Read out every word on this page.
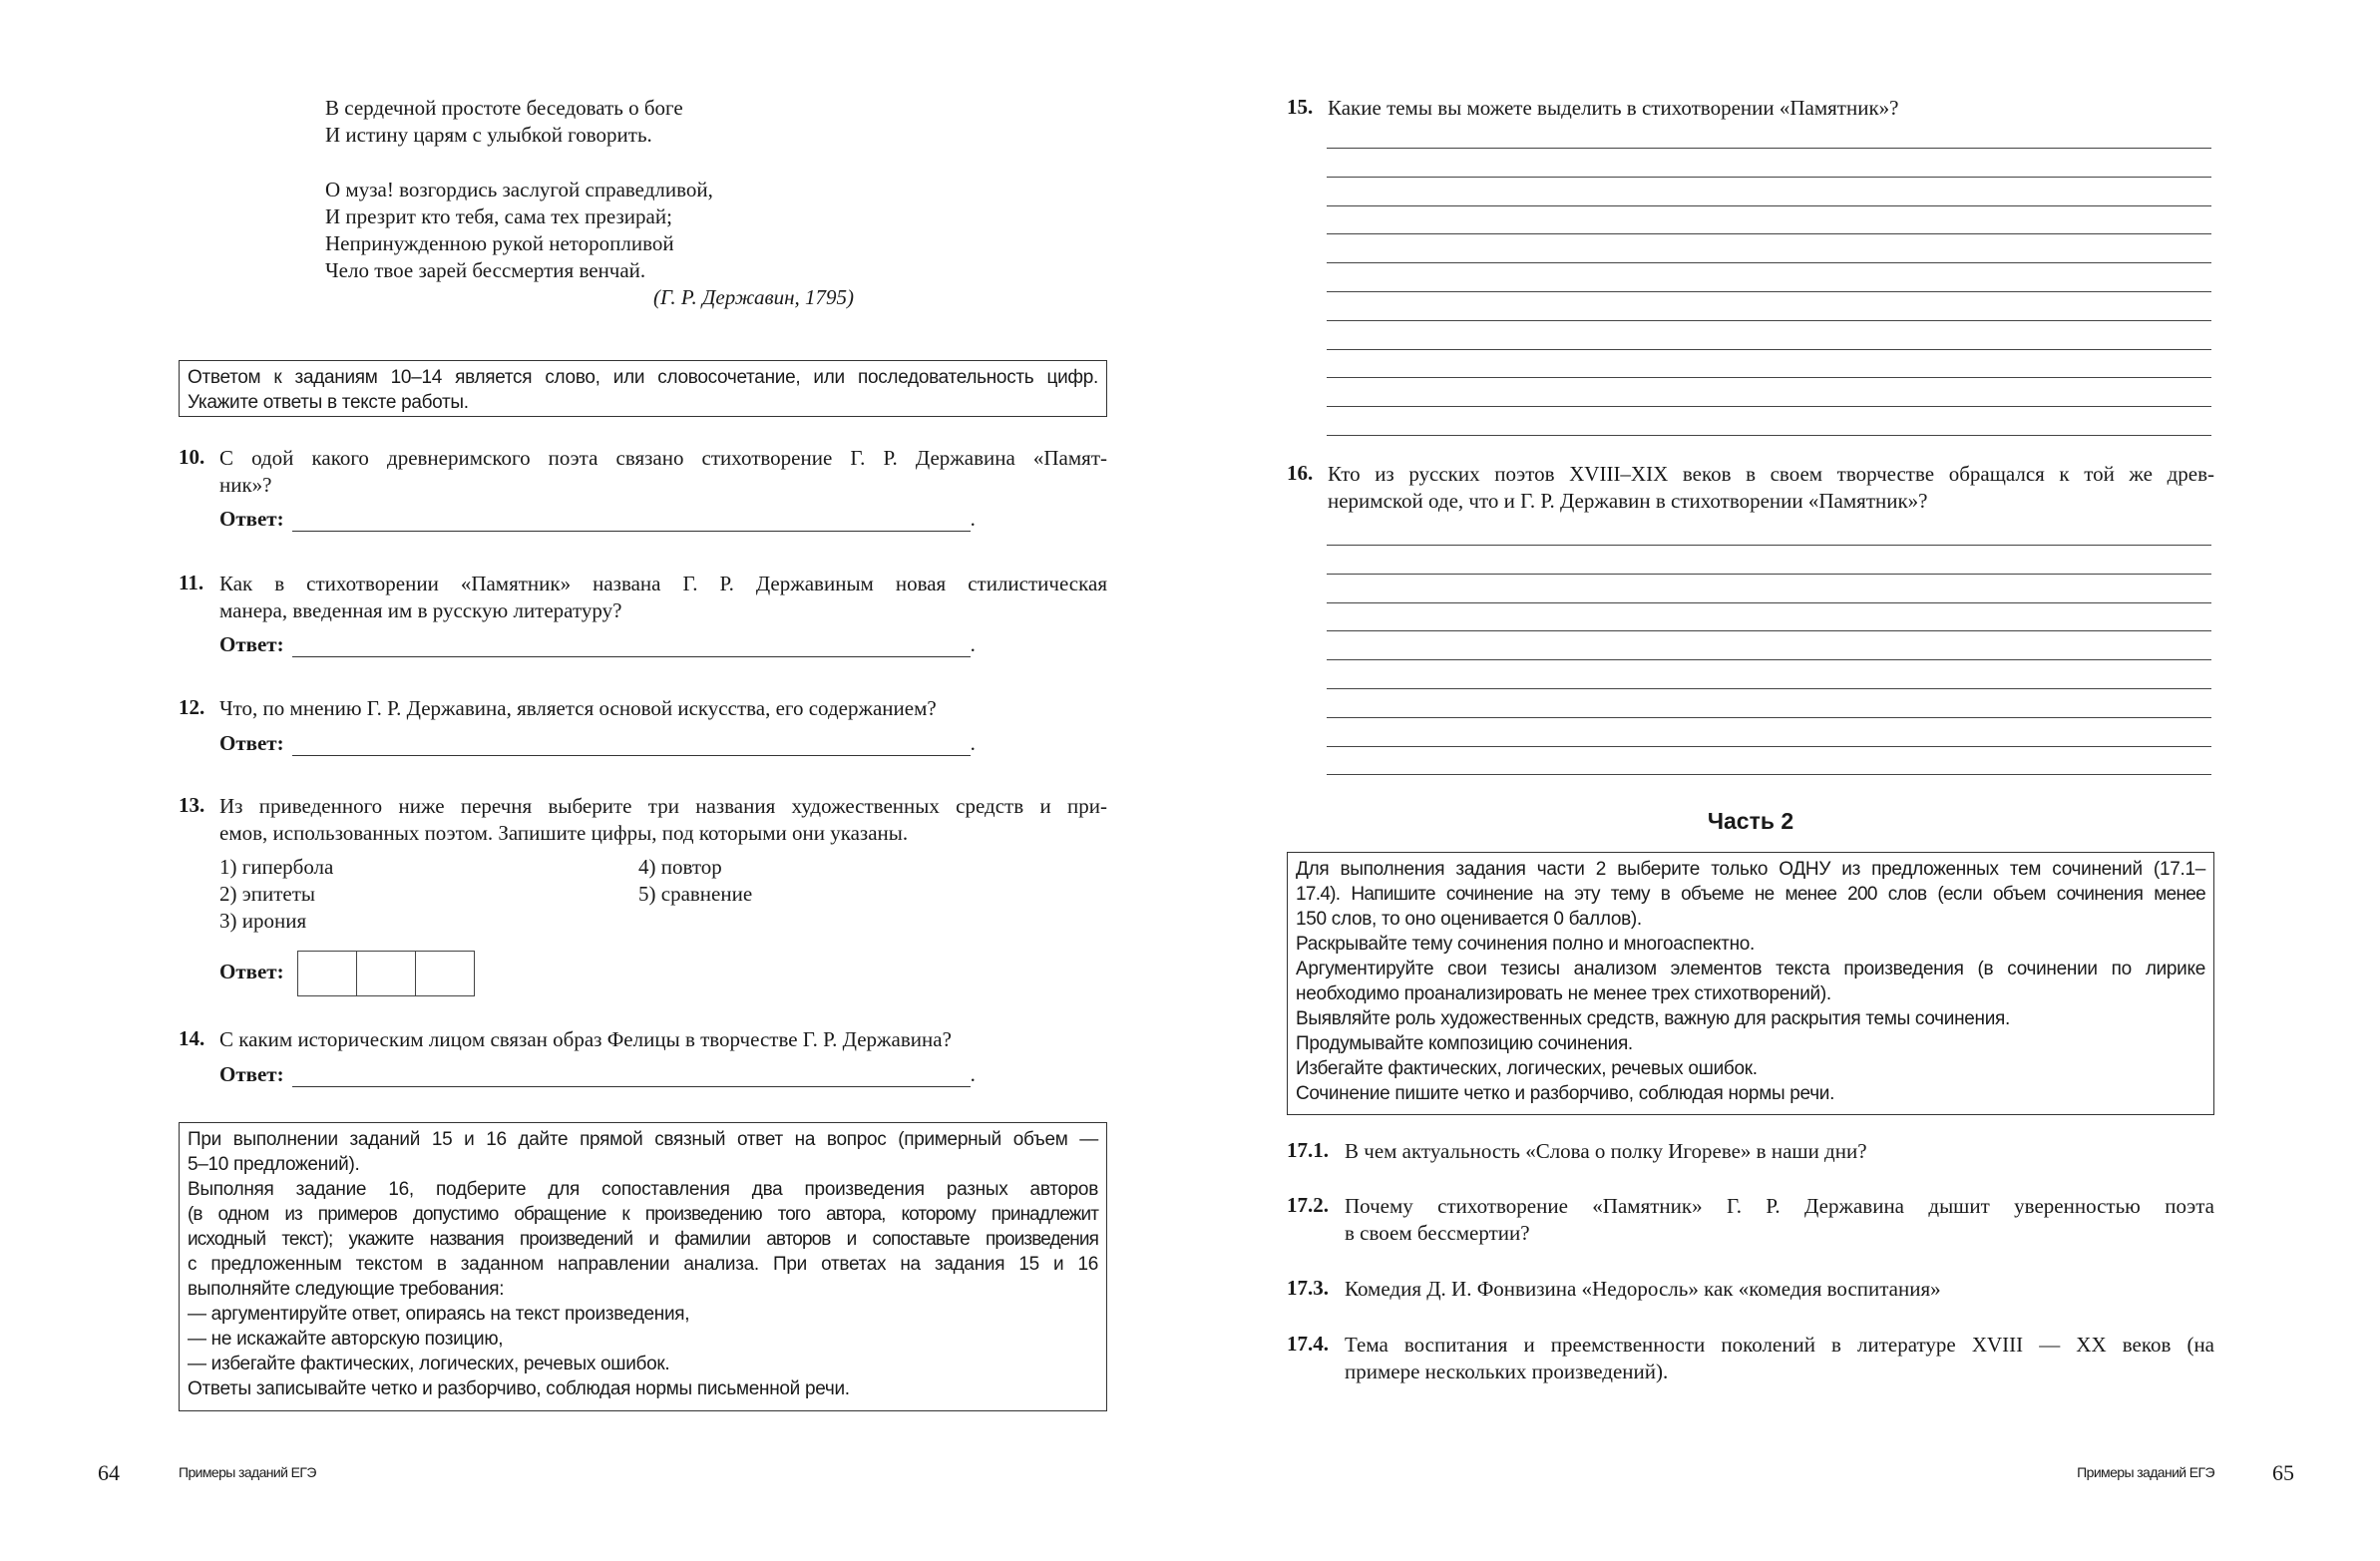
В сердечной простоте беседовать о боге
И истину царям с улыбкой говорить.
О муза! возгордись заслугой справедливой,
И презрит кто тебя, сама тех презирай;
Непринужденною рукой неторопливой
Чело твое зарей бессмертия венчай.
(Г. Р. Державин, 1795)
Ответом к заданиям 10–14 является слово, или словосочетание, или последовательность цифр.
Укажите ответы в тексте работы.
10. С одой какого древнеримского поэта связано стихотворение Г. Р. Державина «Памят-
ник»?
Ответ:	.
11. Как в стихотворении «Памятник» названа Г. Р. Державиным новая стилистическая
манера, введенная им в русскую литературу?
Ответ:	.
12. Что, по мнению Г. Р. Державина, является основой искусства, его содержанием?
Ответ:	.
13. Из приведенного ниже перечня выберите три названия художественных средств и при-
емов, использованных поэтом. Запишите цифры, под которыми они указаны.
1) гипербола
2) эпитеты
3) ирония
4) повтор
5) сравнение
Ответ:
14. С каким историческим лицом связан образ Фелицы в творчестве Г. Р. Державина?
Ответ:	.
При выполнении заданий 15 и 16 дайте прямой связный ответ на вопрос (примерный объем —
5–10 предложений).
Выполняя задание 16, подберите для сопоставления два произведения разных авторов
(в одном из примеров допустимо обращение к произведению того автора, которому принадлежит
исходный текст); укажите названия произведений и фамилии авторов и сопоставьте произведения
с предложенным текстом в заданном направлении анализа. При ответах на задания 15 и 16
выполняйте следующие требования:
— аргументируйте ответ, опираясь на текст произведения,
— не искажайте авторскую позицию,
— избегайте фактических, логических, речевых ошибок.
Ответы записывайте четко и разборчиво, соблюдая нормы письменной речи.
64	Примеры заданий ЕГЭ
15. Какие темы вы можете выделить в стихотворении «Памятник»?
16. Кто из русских поэтов XVIII–XIX веков в своем творчестве обращался к той же древ-
неримской оде, что и Г. Р. Державин в стихотворении «Памятник»?
Часть 2
Для выполнения задания части 2 выберите только ОДНУ из предложенных тем сочинений (17.1–
17.4). Напишите сочинение на эту тему в объеме не менее 200 слов (если объем сочинения менее
150 слов, то оно оценивается 0 баллов).
Раскрывайте тему сочинения полно и многоаспектно.
Аргументируйте свои тезисы анализом элементов текста произведения (в сочинении по лирике
необходимо проанализировать не менее трех стихотворений).
Выявляйте роль художественных средств, важную для раскрытия темы сочинения.
Продумывайте композицию сочинения.
Избегайте фактических, логических, речевых ошибок.
Сочинение пишите четко и разборчиво, соблюдая нормы речи.
17.1. В чем актуальность «Слова о полку Игореве» в наши дни?
17.2. Почему стихотворение «Памятник» Г. Р. Державина дышит уверенностью поэта
в своем бессмертии?
17.3. Комедия Д. И. Фонвизина «Недоросль» как «комедия воспитания»
17.4. Тема воспитания и преемственности поколений в литературе XVIII — XX веков (на
примере нескольких произведений).
Примеры заданий ЕГЭ	65
